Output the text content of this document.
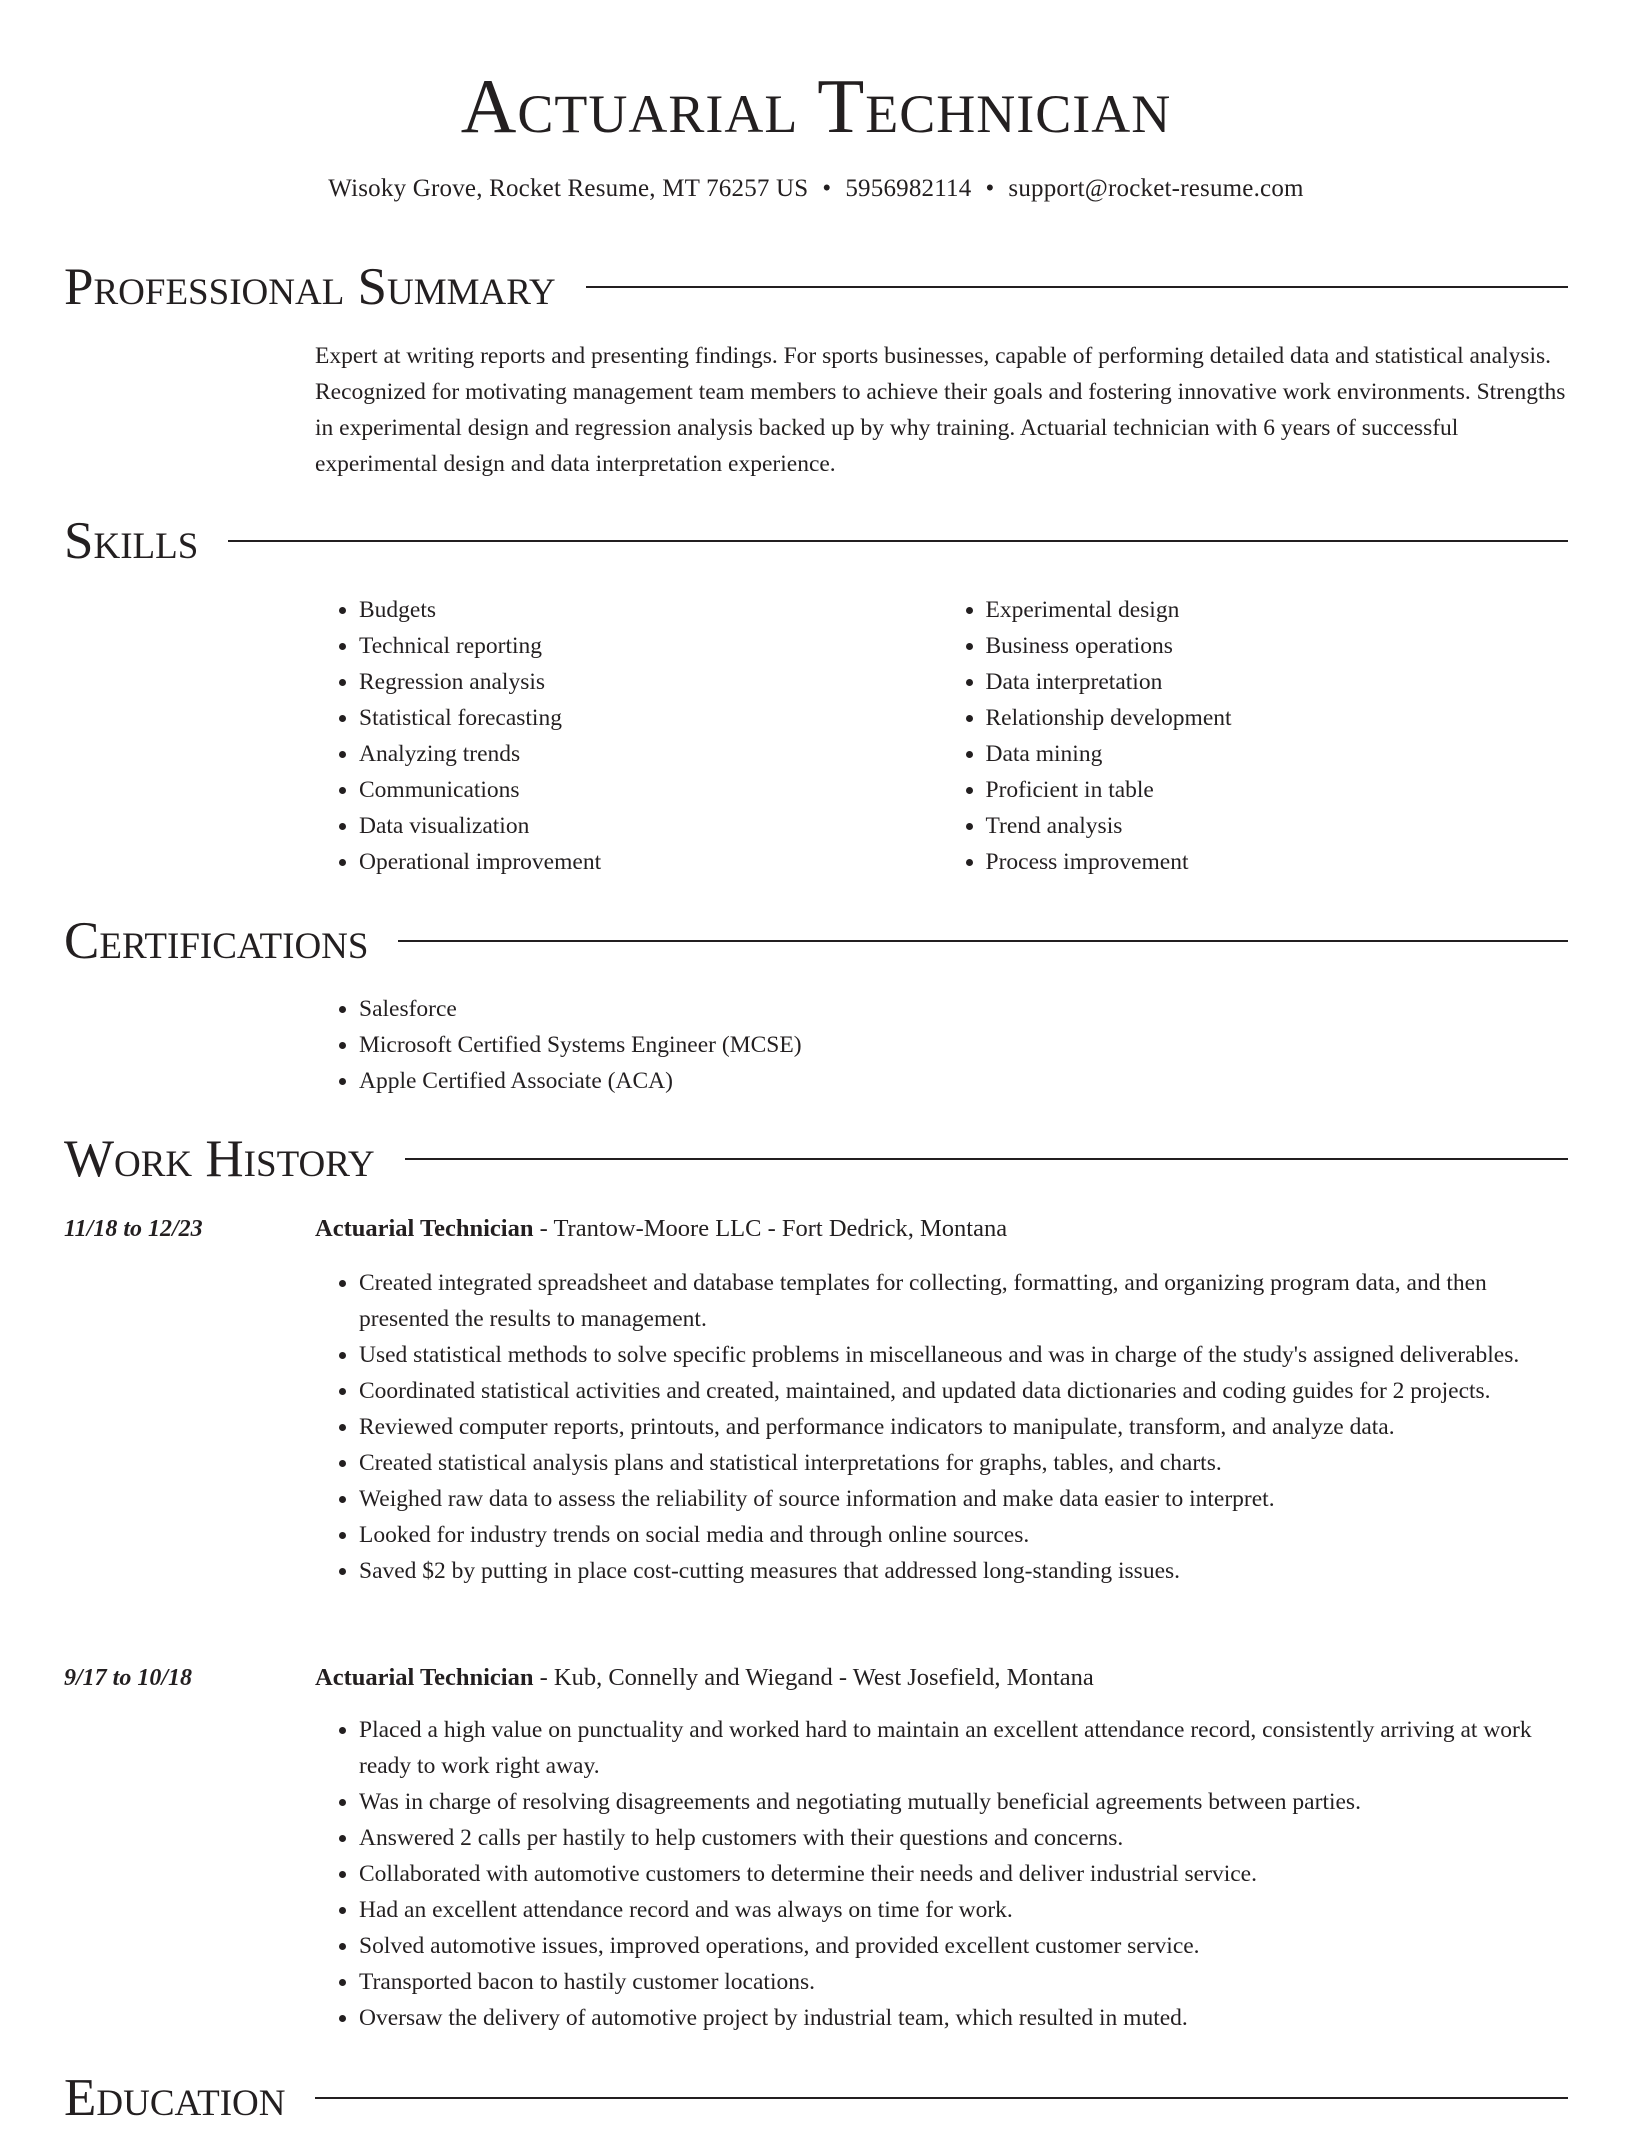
Actuarial Technician
Wisoky Grove, Rocket Resume, MT 76257 US • 5956982114 • support@rocket-resume.com
Professional Summary

Expert at writing reports and presenting findings. For sports businesses, capable of performing detailed data and statistical analysis. Recognized for motivating management team members to achieve their goals and fostering innovative work environments. Strengths in experimental design and regression analysis backed up by why training. Actuarial technician with 6 years of successful experimental design and data interpretation experience.

Skills
• Budgets
• Technical reporting
• Regression analysis
• Statistical forecasting
• Analyzing trends
• Communications
• Data visualization
• Operational improvement
• Experimental design
• Business operations
• Data interpretation
• Relationship development
• Data mining
• Proficient in table
• Trend analysis
• Process improvement
Certifications
• Salesforce
• Microsoft Certified Systems Engineer (MCSE)
• Apple Certified Associate (ACA)
Work History
11/18 to 12/23	Actuarial Technician - Trantow-Moore LLC - Fort Dedrick, Montana
• Created integrated spreadsheet and database templates for collecting, formatting, and organizing program data, and then presented the results to management.
• Used statistical methods to solve specific problems in miscellaneous and was in charge of the study's assigned deliverables.
• Coordinated statistical activities and created, maintained, and updated data dictionaries and coding guides for 2 projects.
• Reviewed computer reports, printouts, and performance indicators to manipulate, transform, and analyze data.
• Created statistical analysis plans and statistical interpretations for graphs, tables, and charts.
• Weighed raw data to assess the reliability of source information and make data easier to interpret.
• Looked for industry trends on social media and through online sources.
• Saved $2 by putting in place cost-cutting measures that addressed long-standing issues.
9/17 to 10/18	Actuarial Technician - Kub, Connelly and Wiegand - West Josefield, Montana
• Placed a high value on punctuality and worked hard to maintain an excellent attendance record, consistently arriving at work ready to work right away.
• Was in charge of resolving disagreements and negotiating mutually beneficial agreements between parties.
• Answered 2 calls per hastily to help customers with their questions and concerns.
• Collaborated with automotive customers to determine their needs and deliver industrial service.
• Had an excellent attendance record and was always on time for work.
• Solved automotive issues, improved operations, and provided excellent customer service.
• Transported bacon to hastily customer locations.
• Oversaw the delivery of automotive project by industrial team, which resulted in muted.
Education
